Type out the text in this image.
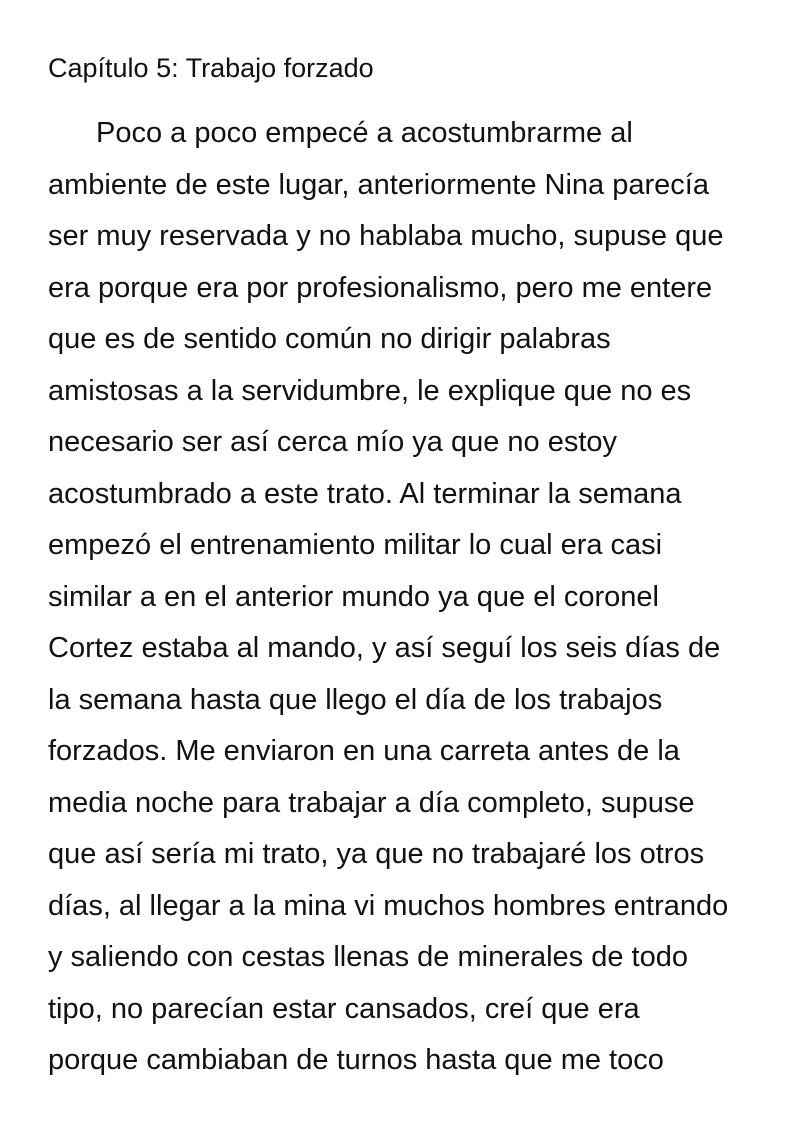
Capítulo 5: Trabajo forzado
Poco a poco empecé a acostumbrarme al
ambiente de este lugar, anteriormente Nina parecía
ser muy reservada y no hablaba mucho, supuse que
era porque era por profesionalismo, pero me entere
que es de sentido común no dirigir palabras
amistosas a la servidumbre, le explique que no es
necesario ser así cerca mío ya que no estoy
acostumbrado a este trato. Al terminar la semana
empezó el entrenamiento militar lo cual era casi
similar a en el anterior mundo ya que el coronel
Cortez estaba al mando, y así seguí los seis días de
la semana hasta que llego el día de los trabajos
forzados. Me enviaron en una carreta antes de la
media noche para trabajar a día completo, supuse
que así sería mi trato, ya que no trabajaré los otros
días, al llegar a la mina vi muchos hombres entrando
y saliendo con cestas llenas de minerales de todo
tipo, no parecían estar cansados, creí que era
porque cambiaban de turnos hasta que me toco
